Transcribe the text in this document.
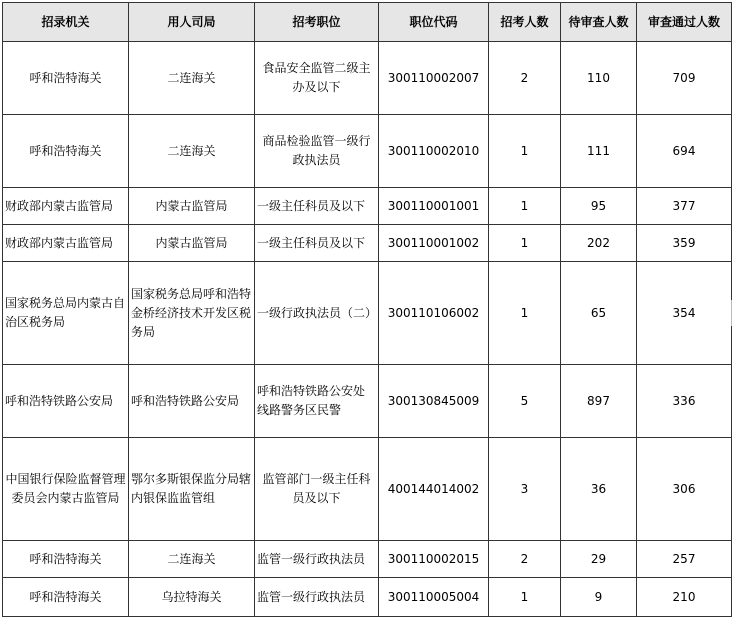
招录机关	用人司局	招考职位	职位代码	招考人数	待审查人数	审查通过人数
呼和浩特海关	二连海关	食品安全监管二级主办及以下	300110002007	2	110	709
呼和浩特海关	二连海关	商品检验监管一级行政执法员	300110002010	1	111	694
财政部内蒙古监管局	内蒙古监管局	一级主任科员及以下	300110001001	1	95	377
财政部内蒙古监管局	内蒙古监管局	一级主任科员及以下	300110001002	1	202	359
国家税务总局内蒙古自治区税务局	国家税务总局呼和浩特金桥经济技术开发区税务局	一级行政执法员（二）	300110106002	1	65	354
呼和浩特铁路公安局	呼和浩特铁路公安局	呼和浩特铁路公安处线路警务区民警	300130845009	5	897	336
中国银行保险监督管理委员会内蒙古监管局	鄂尔多斯银保监分局辖内银保监监管组	监管部门一级主任科员及以下	400144014002	3	36	306
呼和浩特海关	二连海关	监管一级行政执法员	300110002015	2	29	257
呼和浩特海关	乌拉特海关	监管一级行政执法员	300110005004	1	9	210
